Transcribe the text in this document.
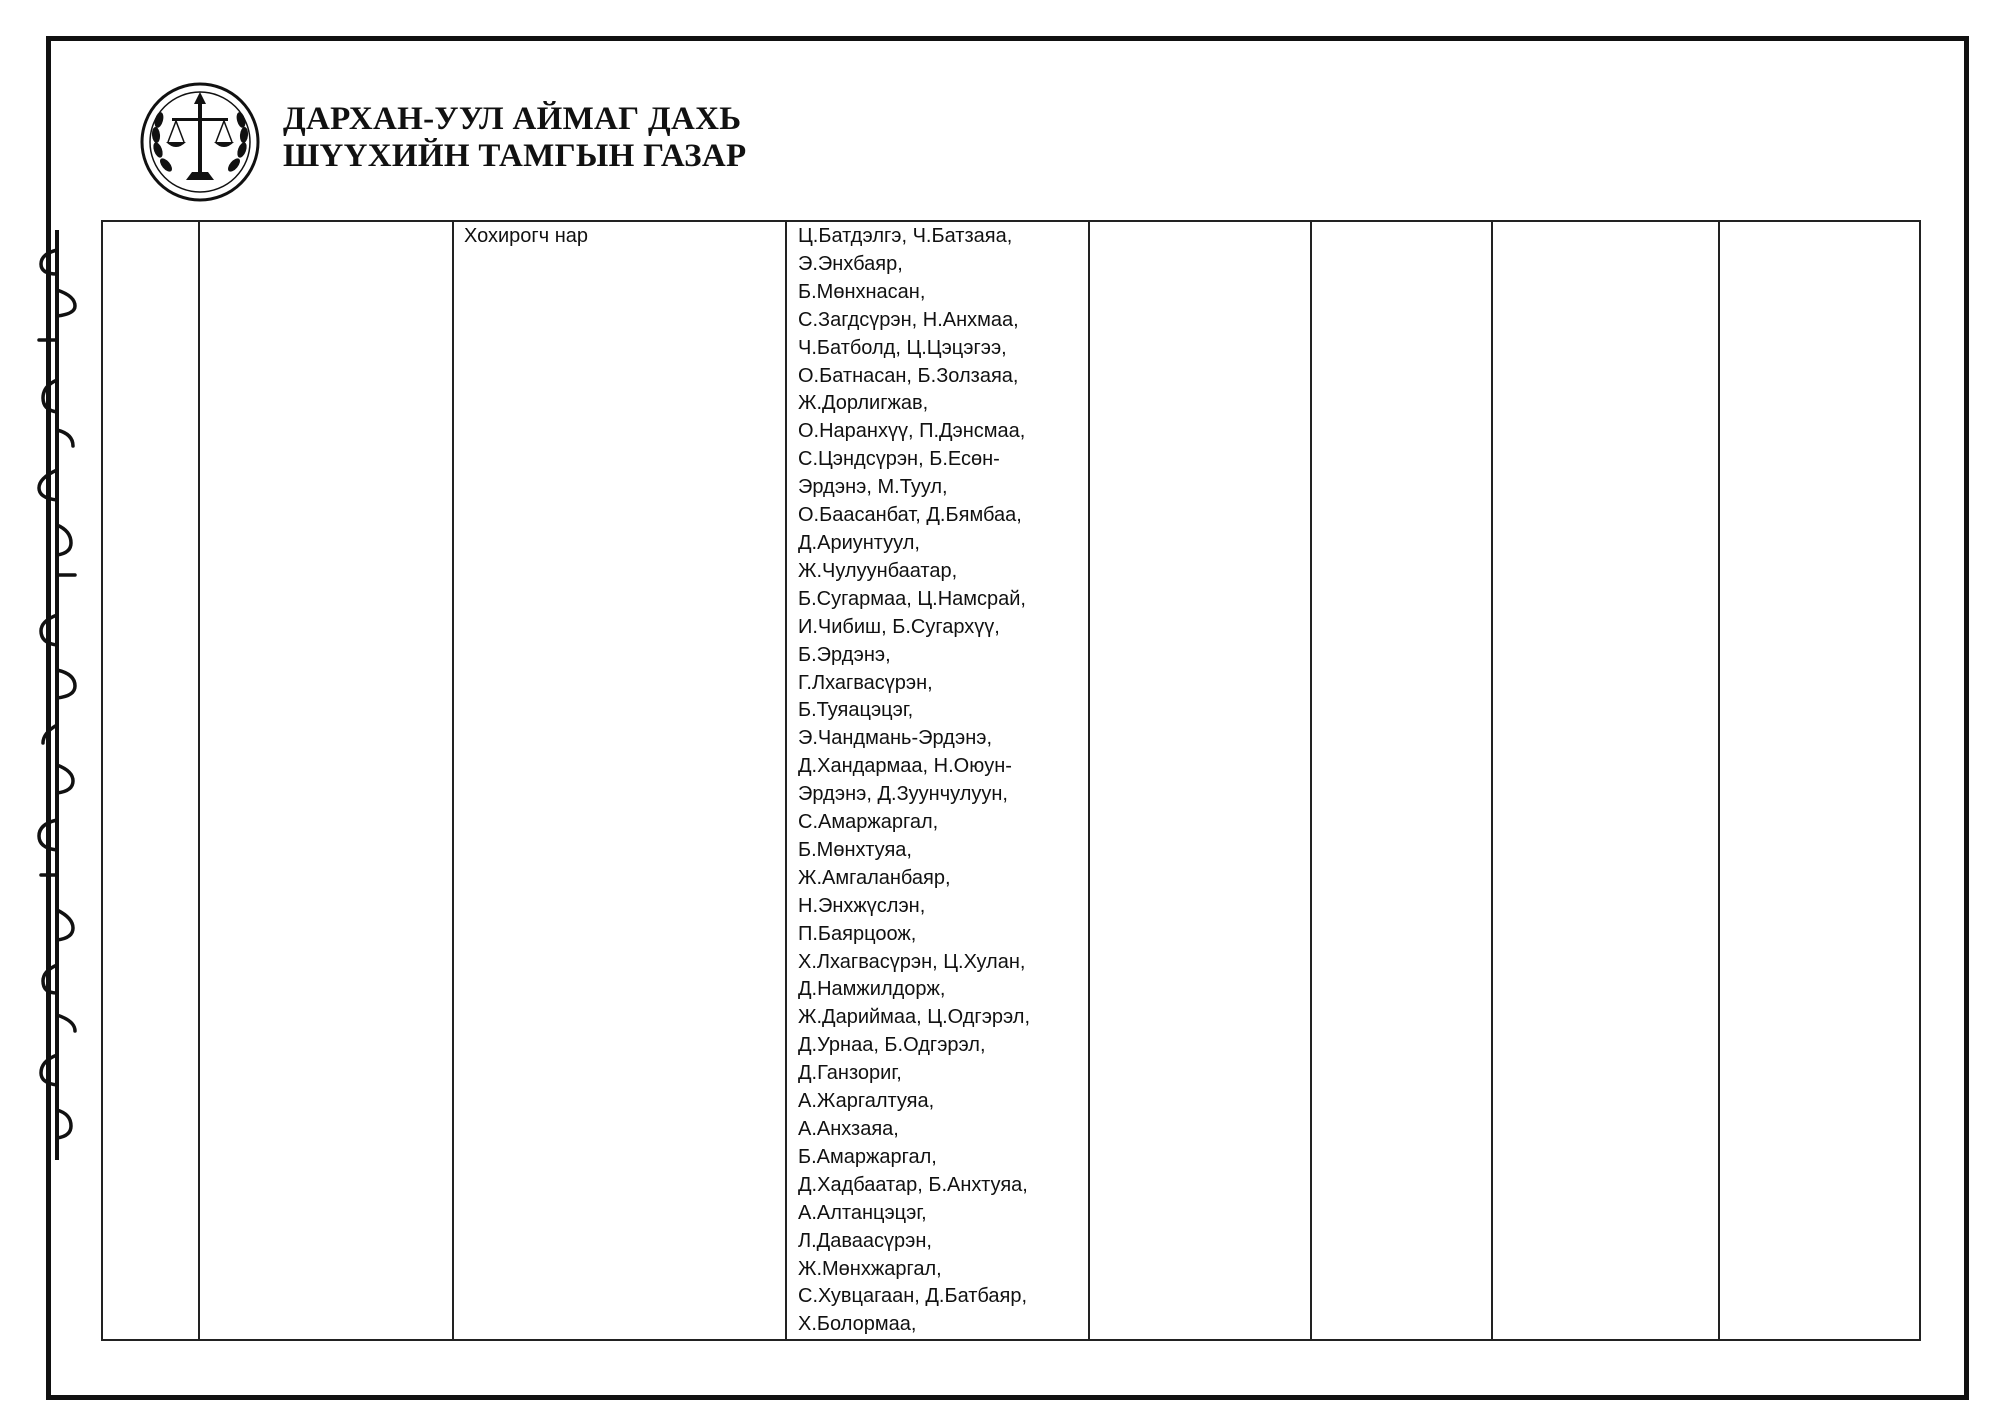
ДАРХАН-УУЛ АЙМАГ ДАХЬ
ШҮҮХИЙН ТАМГЫН ГАЗАР

Хохирогч нар	Ц.Батдэлгэ, Ч.Батзаяа,
Э.Энхбаяр,
Б.Мөнхнасан,
С.Загдсүрэн, Н.Анхмаа,
Ч.Батболд, Ц.Цэцэгээ,
О.Батнасан, Б.Золзаяа,
Ж.Дорлигжав,
О.Наранхүү, П.Дэнсмаа,
С.Цэндсүрэн, Б.Есөн-
Эрдэнэ, М.Туул,
О.Баасанбат, Д.Бямбаа,
Д.Ариунтуул,
Ж.Чулуунбаатар,
Б.Сугармаа, Ц.Намсрай,
И.Чибиш, Б.Сугархүү,
Б.Эрдэнэ,
Г.Лхагвасүрэн,
Б.Туяацэцэг,
Э.Чандмань-Эрдэнэ,
Д.Хандармаа, Н.Оюун-
Эрдэнэ, Д.Зуунчулуун,
С.Амаржаргал,
Б.Мөнхтуяа,
Ж.Амгаланбаяр,
Н.Энхжүслэн,
П.Баярцоож,
Х.Лхагвасүрэн, Ц.Хулан,
Д.Намжилдорж,
Ж.Дариймаа, Ц.Одгэрэл,
Д.Урнаа, Б.Одгэрэл,
Д.Ганзориг,
А.Жаргалтуяа,
А.Анхзаяа,
Б.Амаржаргал,
Д.Хадбаатар, Б.Анхтуяа,
А.Алтанцэцэг,
Л.Даваасүрэн,
Ж.Мөнхжаргал,
С.Хувцагаан, Д.Батбаяр,
Х.Болормаа,
